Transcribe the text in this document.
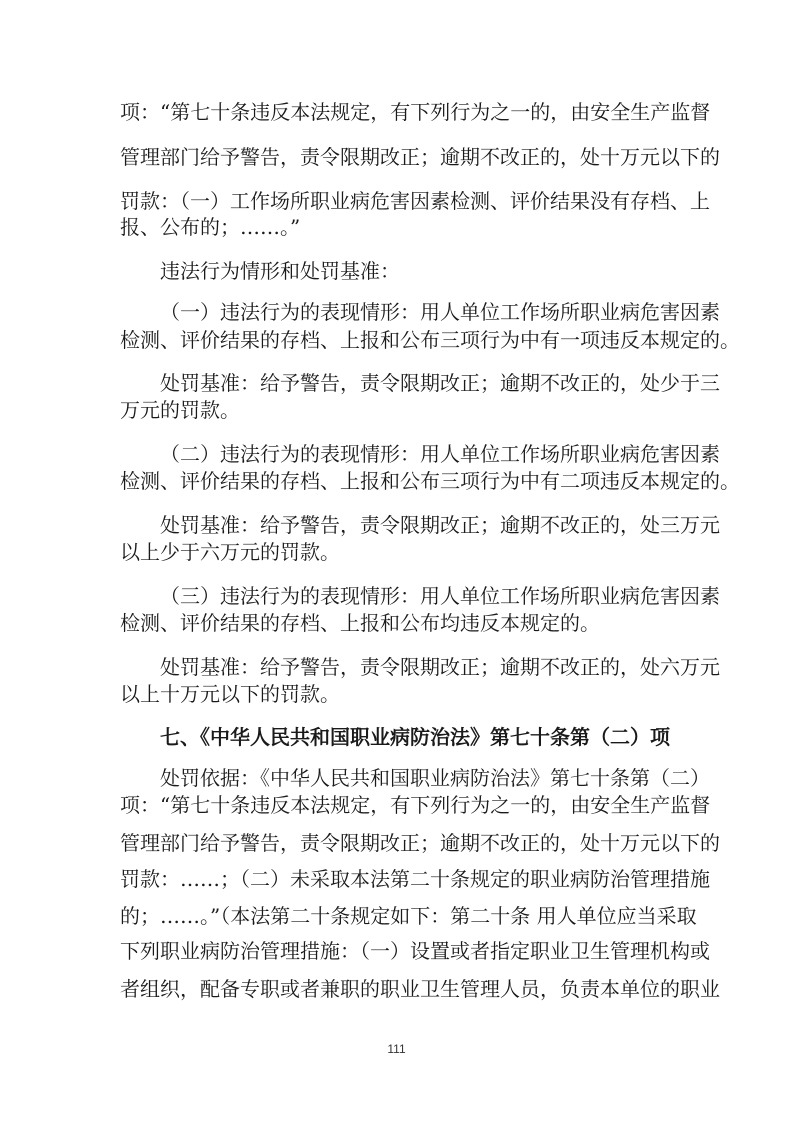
项：“第七十条违反本法规定，有下列行为之一的，由安全生产监督
管理部门给予警告，责令限期改正；逾期不改正的，处十万元以下的
罚款：（一）工作场所职业病危害因素检测、评价结果没有存档、上
报、公布的；……。”
违法行为情形和处罚基准：
（一）违法行为的表现情形：用人单位工作场所职业病危害因素
检测、评价结果的存档、上报和公布三项行为中有一项违反本规定的。
处罚基准：给予警告，责令限期改正；逾期不改正的，处少于三
万元的罚款。
（二）违法行为的表现情形：用人单位工作场所职业病危害因素
检测、评价结果的存档、上报和公布三项行为中有二项违反本规定的。
处罚基准：给予警告，责令限期改正；逾期不改正的，处三万元
以上少于六万元的罚款。
（三）违法行为的表现情形：用人单位工作场所职业病危害因素
检测、评价结果的存档、上报和公布均违反本规定的。
处罚基准：给予警告，责令限期改正；逾期不改正的，处六万元
以上十万元以下的罚款。
七、《中华人民共和国职业病防治法》第七十条第（二）项
处罚依据：《中华人民共和国职业病防治法》第七十条第（二）
项：“第七十条违反本法规定，有下列行为之一的，由安全生产监督
管理部门给予警告，责令限期改正；逾期不改正的，处十万元以下的
罚款：……；（二）未采取本法第二十条规定的职业病防治管理措施
的；……。”（本法第二十条规定如下：第二十条 用人单位应当采取
下列职业病防治管理措施：（一）设置或者指定职业卫生管理机构或
者组织，配备专职或者兼职的职业卫生管理人员，负责本单位的职业
111
